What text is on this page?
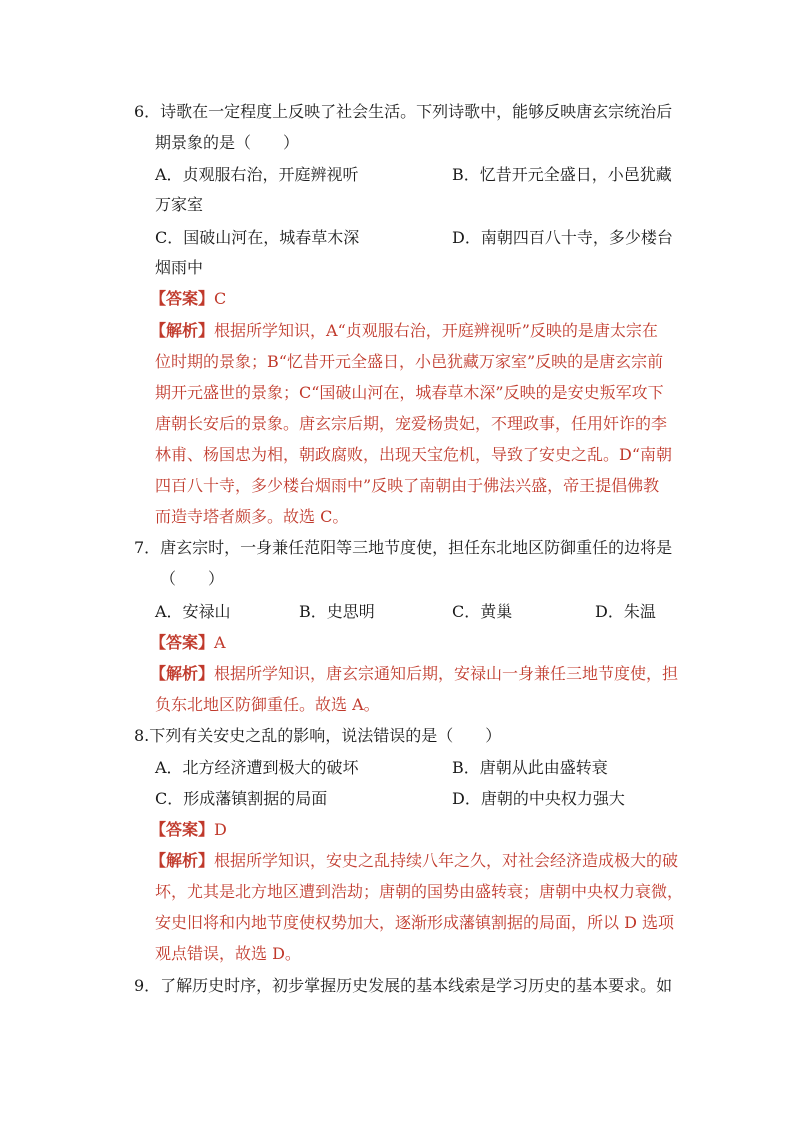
6．诗歌在一定程度上反映了社会生活。下列诗歌中，能够反映唐玄宗统治后
期景象的是（　　）
A．贞观服右治，开庭辨视听	B．忆昔开元全盛日，小邑犹藏
万家室
C．国破山河在，城春草木深	D．南朝四百八十寺，多少楼台
烟雨中
【答案】C
【解析】根据所学知识，A“贞观服右治，开庭辨视听”反映的是唐太宗在
位时期的景象；B“忆昔开元全盛日，小邑犹藏万家室”反映的是唐玄宗前
期开元盛世的景象；C“国破山河在，城春草木深”反映的是安史叛军攻下
唐朝长安后的景象。唐玄宗后期，宠爱杨贵妃，不理政事，任用奸诈的李
林甫、杨国忠为相，朝政腐败，出现天宝危机，导致了安史之乱。D“南朝
四百八十寺，多少楼台烟雨中”反映了南朝由于佛法兴盛，帝王提倡佛教
而造寺塔者颇多。故选 C。
7．唐玄宗时，一身兼任范阳等三地节度使，担任东北地区防御重任的边将是
（　　）
A．安禄山	B．史思明	C．黄巢	D．朱温
【答案】A
【解析】根据所学知识，唐玄宗通知后期，安禄山一身兼任三地节度使，担
负东北地区防御重任。故选 A。
8.下列有关安史之乱的影响，说法错误的是（　　）
A．北方经济遭到极大的破坏	B．唐朝从此由盛转衰
C．形成藩镇割据的局面	D．唐朝的中央权力强大
【答案】D
【解析】根据所学知识，安史之乱持续八年之久，对社会经济造成极大的破
坏，尤其是北方地区遭到浩劫；唐朝的国势由盛转衰；唐朝中央权力衰微，
安史旧将和内地节度使权势加大，逐渐形成藩镇割据的局面，所以 D 选项
观点错误，故选 D。
9．了解历史时序，初步掌握历史发展的基本线索是学习历史的基本要求。如
